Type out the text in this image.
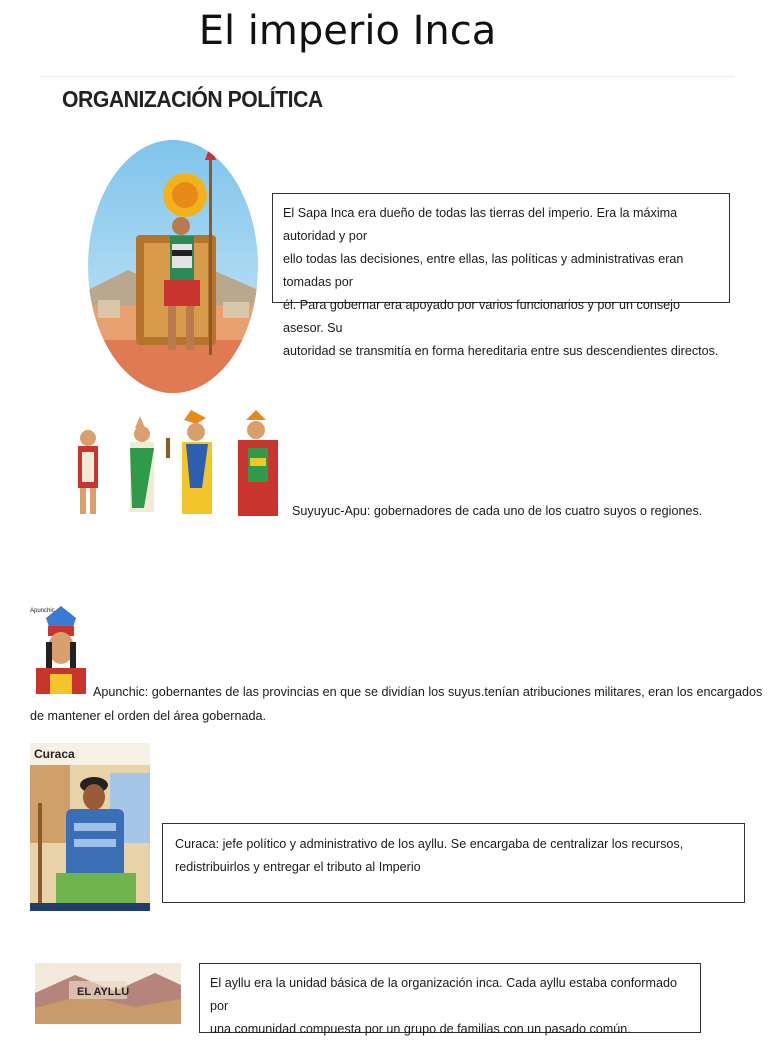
El imperio Inca
ORGANIZACIÓN POLÍTICA
El Sapa Inca era dueño de todas las tierras del imperio. Era la máxima autoridad y por
ello todas las decisiones, entre ellas, las políticas y administrativas eran tomadas por
él. Para gobernar era apoyado por varios funcionarios y por un consejo asesor. Su
autoridad se transmitía en forma hereditaria entre sus descendientes directos.
Suyuyuc-Apu: gobernadores de cada uno de los cuatro suyos o regiones.
Apunchic
Apunchic: gobernantes de las provincias en que se dividían los suyus.tenían atribuciones militares, eran los encargados
de mantener el orden del área gobernada.
Curaca
Curaca: jefe político y administrativo de los ayllu. Se encargaba de centralizar los recursos,
redistribuirlos y entregar el tributo al Imperio
EL AYLLU
El ayllu era la unidad básica de la organización inca. Cada ayllu estaba conformado por
una comunidad compuesta por un grupo de familias con un pasado común.
